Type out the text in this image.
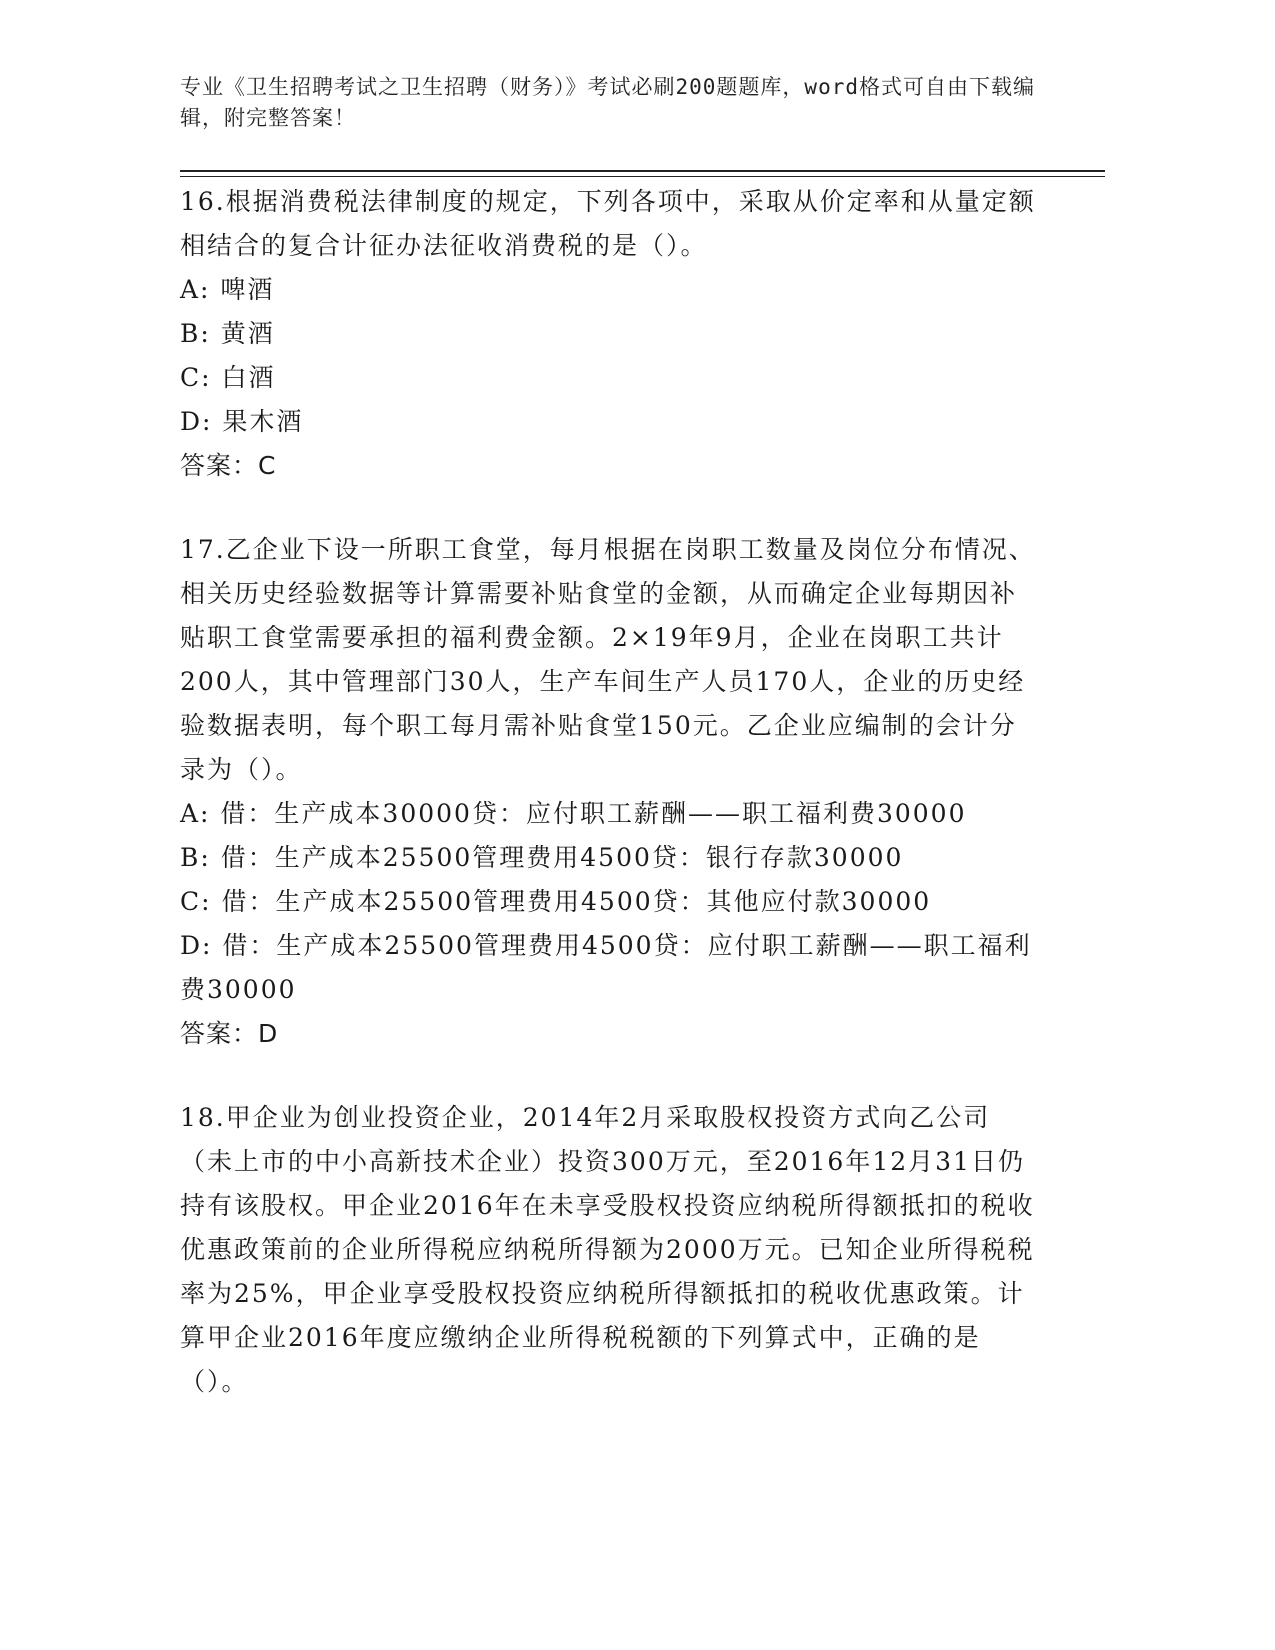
专业《卫生招聘考试之卫生招聘（财务）》考试必刷200题题库，word格式可自由下载编辑，附完整答案！

16.根据消费税法律制度的规定，下列各项中，采取从价定率和从量定额相结合的复合计征办法征收消费税的是（）。

A: 啤酒

B: 黄酒

C: 白酒

D: 果木酒

答案：C

17.乙企业下设一所职工食堂，每月根据在岗职工数量及岗位分布情况、相关历史经验数据等计算需要补贴食堂的金额，从而确定企业每期因补贴职工食堂需要承担的福利费金额。2×19年9月，企业在岗职工共计200人，其中管理部门30人，生产车间生产人员170人，企业的历史经验数据表明，每个职工每月需补贴食堂150元。乙企业应编制的会计分录为（）。

A: 借：生产成本30000贷：应付职工薪酬——职工福利费30000

B: 借：生产成本25500管理费用4500贷：银行存款30000

C: 借：生产成本25500管理费用4500贷：其他应付款30000

D: 借：生产成本25500管理费用4500贷：应付职工薪酬——职工福利费30000

答案：D

18.甲企业为创业投资企业，2014年2月采取股权投资方式向乙公司（未上市的中小高新技术企业）投资300万元，至2016年12月31日仍持有该股权。甲企业2016年在未享受股权投资应纳税所得额抵扣的税收优惠政策前的企业所得税应纳税所得额为2000万元。已知企业所得税税率为25%，甲企业享受股权投资应纳税所得额抵扣的税收优惠政策。计算甲企业2016年度应缴纳企业所得税税额的下列算式中，正确的是（）。
